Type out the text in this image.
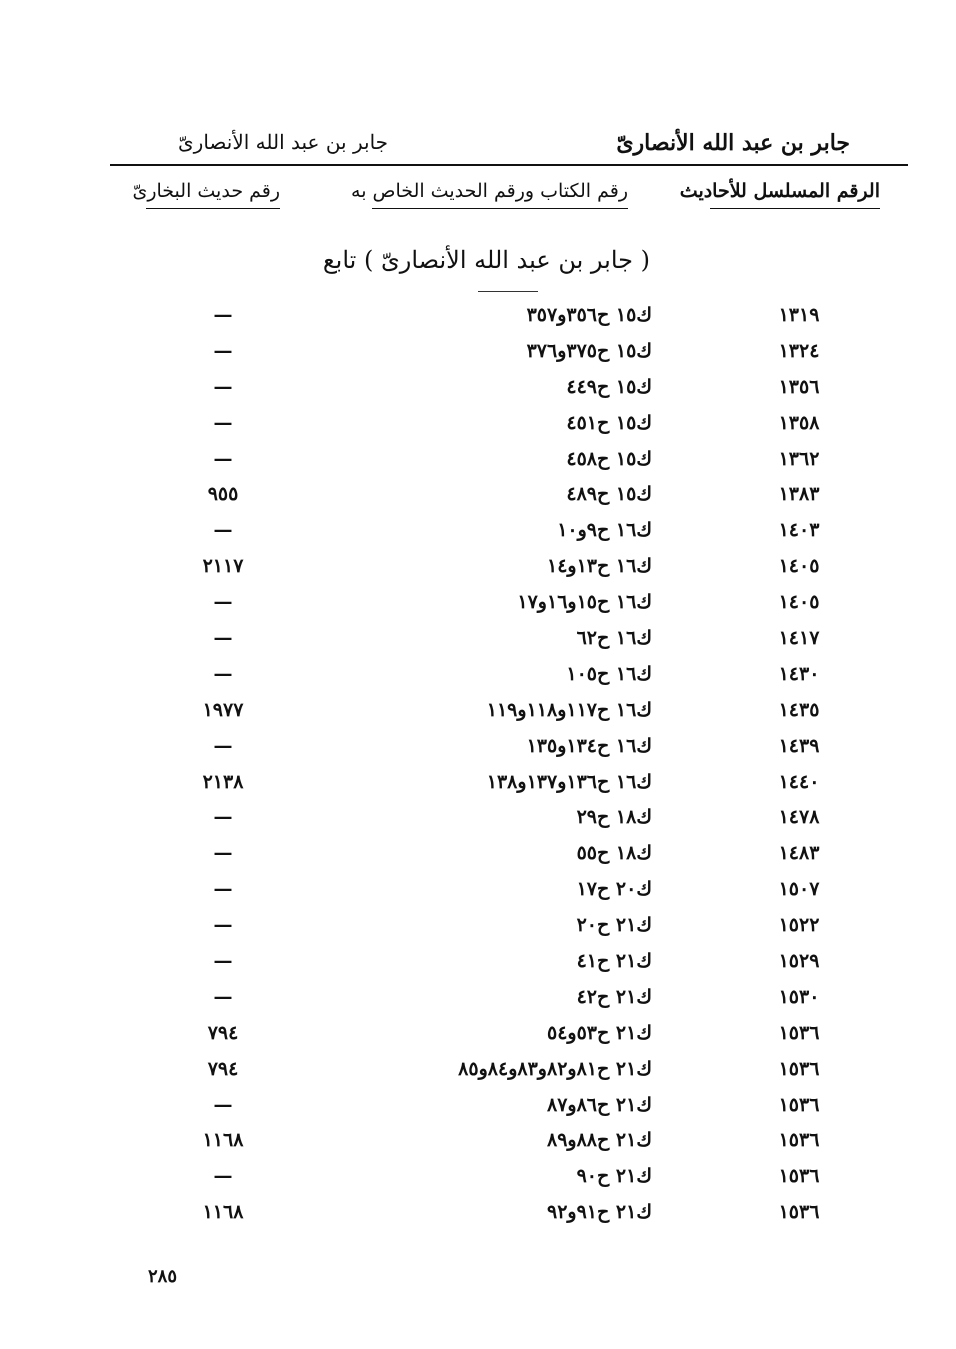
جابر بن عبد الله الأنصارىّ
جابر بن عبد الله الأنصارىّ
الرقم المسلسل للأحاديث
رقم الكتاب ورقم الحديث الخاص به
رقم حديث البخارىّ
( جابر بن عبد الله الأنصارىّ ) تابع
١٣١٩
ك١٥ ح٣٥٦و٣٥٧
—
١٣٢٤
ك١٥ ح٣٧٥و٣٧٦
—
١٣٥٦
ك١٥ ح٤٤٩
—
١٣٥٨
ك١٥ ح٤٥١
—
١٣٦٢
ك١٥ ح٤٥٨
—
١٣٨٣
ك١٥ ح٤٨٩
٩٥٥
١٤٠٣
ك١٦ ح٩و١٠
—
١٤٠٥
ك١٦ ح١٣و١٤
٢١١٧
١٤٠٥
ك١٦ ح١٥و١٦و١٧
—
١٤١٧
ك١٦ ح٦٢
—
١٤٣٠
ك١٦ ح١٠٥
—
١٤٣٥
ك١٦ ح١١٧و١١٨و١١٩
١٩٧٧
١٤٣٩
ك١٦ ح١٣٤و١٣٥
—
١٤٤٠
ك١٦ ح١٣٦و١٣٧و١٣٨
٢١٣٨
١٤٧٨
ك١٨ ح٢٩
—
١٤٨٣
ك١٨ ح٥٥
—
١٥٠٧
ك٢٠ ح١٧
—
١٥٢٢
ك٢١ ح٢٠
—
١٥٢٩
ك٢١ ح٤١
—
١٥٣٠
ك٢١ ح٤٢
—
١٥٣٦
ك٢١ ح٥٣و٥٤
٧٩٤
١٥٣٦
ك٢١ ح٨١و٨٢و٨٣و٨٤و٨٥
٧٩٤
١٥٣٦
ك٢١ ح٨٦و٨٧
—
١٥٣٦
ك٢١ ح٨٨و٨٩
١١٦٨
١٥٣٦
ك٢١ ح٩٠
—
١٥٣٦
ك٢١ ح٩١و٩٢
١١٦٨
٢٨٥
